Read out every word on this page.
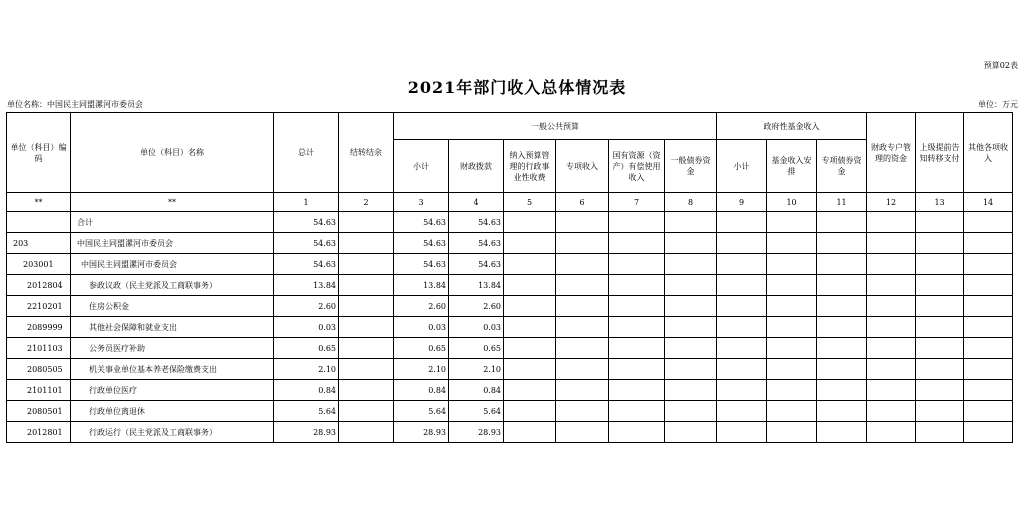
预算02表
2021年部门收入总体情况表
单位名称：中国民主同盟漯河市委员会	单位：万元
单位（科目）编码	单位（科目）名称	总计	结转结余	一般公共预算						政府性基金收入			财政专户管理的资金	上级提前告知转移支付	其他各项收入
				小计	财政拨款	纳入预算管理的行政事业性收费	专项收入	国有资源（资产）有偿使用收入	一般债券资金	小计	基金收入安排	专项债券资金			
**	**	1	2	3	4	5	6	7	8	9	10	11	12	13	14
	合计	54.63		54.63	54.63										
203	中国民主同盟漯河市委员会	54.63		54.63	54.63										
203001	中国民主同盟漯河市委员会	54.63		54.63	54.63										
2012804	参政议政（民主党派及工商联事务）	13.84		13.84	13.84										
2210201	住房公积金	2.60		2.60	2.60										
2089999	其他社会保障和就业支出	0.03		0.03	0.03										
2101103	公务员医疗补助	0.65		0.65	0.65										
2080505	机关事业单位基本养老保险缴费支出	2.10		2.10	2.10										
2101101	行政单位医疗	0.84		0.84	0.84										
2080501	行政单位离退休	5.64		5.64	5.64										
2012801	行政运行（民主党派及工商联事务）	28.93		28.93	28.93										
